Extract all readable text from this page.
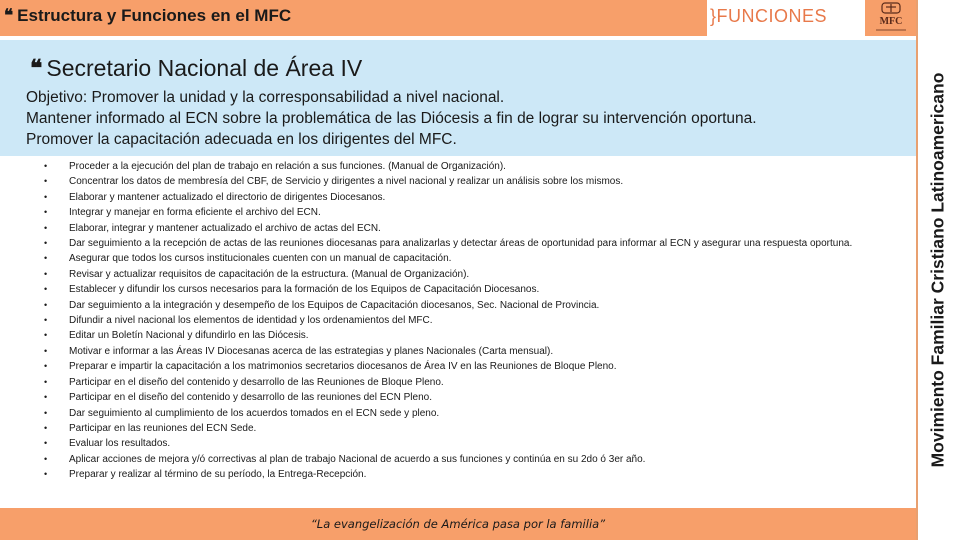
❝ Estructura y Funciones en el MFC	}FUNCIONES	MFC
Movimiento Familiar Cristiano Latinoamericano
❝ Secretario Nacional de Área IV
Objetivo: Promover la unidad y la corresponsabilidad a nivel nacional.
Mantener informado al ECN sobre la problemática de las Diócesis a fin de lograr su intervención oportuna.
Promover la capacitación adecuada en los dirigentes del MFC.
• Proceder a la ejecución del plan de trabajo en relación a sus funciones. (Manual de Organización).
• Concentrar los datos de membresía del CBF, de Servicio y dirigentes a nivel nacional y realizar un análisis sobre los mismos.
• Elaborar y mantener actualizado el directorio de dirigentes Diocesanos.
• Integrar y manejar en forma eficiente el archivo del ECN.
• Elaborar, integrar y mantener actualizado el archivo de actas del ECN.
• Dar seguimiento a la recepción de actas de las reuniones diocesanas para analizarlas y detectar áreas de oportunidad para informar al ECN y asegurar una respuesta oportuna.
• Asegurar que todos los cursos institucionales cuenten con un manual de capacitación.
• Revisar y actualizar requisitos de capacitación de la estructura. (Manual de Organización).
• Establecer y difundir los cursos necesarios para la formación de los Equipos de Capacitación Diocesanos.
• Dar seguimiento a la integración y desempeño de los Equipos de Capacitación diocesanos, Sec. Nacional de Provincia.
• Difundir a nivel nacional los elementos de identidad y los ordenamientos del MFC.
• Editar un Boletín Nacional y difundirlo en las Diócesis.
• Motivar e informar a las Áreas IV Diocesanas acerca de las estrategias y planes Nacionales (Carta mensual).
• Preparar e impartir la capacitación a los matrimonios secretarios diocesanos de Área IV en las Reuniones de Bloque Pleno.
• Participar en el diseño del contenido y desarrollo de las Reuniones de Bloque Pleno.
• Participar en el diseño del contenido y desarrollo de las reuniones del ECN Pleno.
• Dar seguimiento al cumplimiento de los acuerdos tomados en el ECN sede y pleno.
• Participar en las reuniones del ECN Sede.
• Evaluar los resultados.
• Aplicar acciones de mejora y/ó correctivas al plan de trabajo Nacional de acuerdo a sus funciones y continúa en su 2do ó 3er año.
• Preparar y realizar al término de su período, la Entrega-Recepción.
“La evangelización de América pasa por la familia”
